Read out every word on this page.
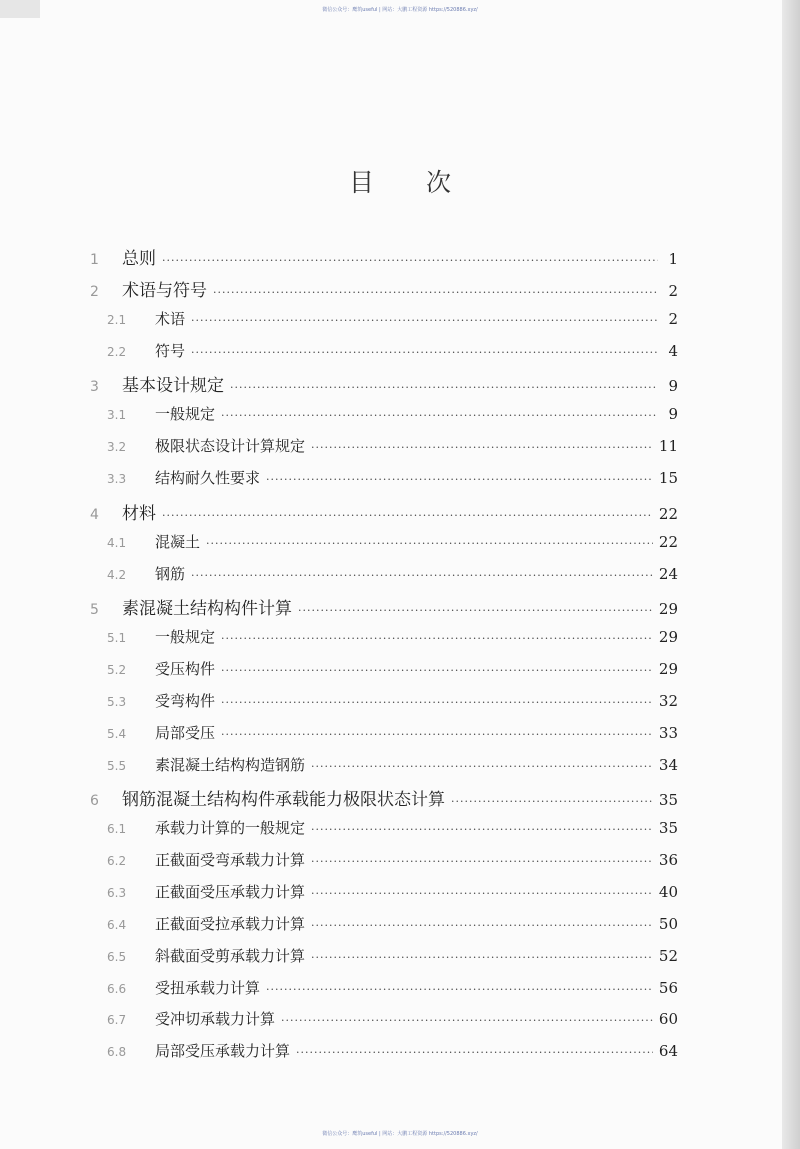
微信公众号：鹰筑useful | 网站：大鹏工程资源 https://520886.xyz/
微信公众号：鹰筑useful | 网站：大鹏工程资源 https://520886.xyz/
目次
1	总则 ·····	1
2	术语与符号 ·····	2
2.1	术语 ·····	2
2.2	符号 ·····	4
3	基本设计规定 ·····	9
3.1	一般规定 ·····	9
3.2	极限状态设计计算规定 ·····	11
3.3	结构耐久性要求 ·····	15
4	材料 ·····	22
4.1	混凝土 ·····	22
4.2	钢筋 ·····	24
5	素混凝土结构构件计算 ·····	29
5.1	一般规定 ·····	29
5.2	受压构件 ·····	29
5.3	受弯构件 ·····	32
5.4	局部受压 ·····	33
5.5	素混凝土结构构造钢筋 ·····	34
6	钢筋混凝土结构构件承载能力极限状态计算 ·····	35
6.1	承载力计算的一般规定 ·····	35
6.2	正截面受弯承载力计算 ·····	36
6.3	正截面受压承载力计算 ·····	40
6.4	正截面受拉承载力计算 ·····	50
6.5	斜截面受剪承载力计算 ·····	52
6.6	受扭承载力计算 ·····	56
6.7	受冲切承载力计算 ·····	60
6.8	局部受压承载力计算 ·····	64
